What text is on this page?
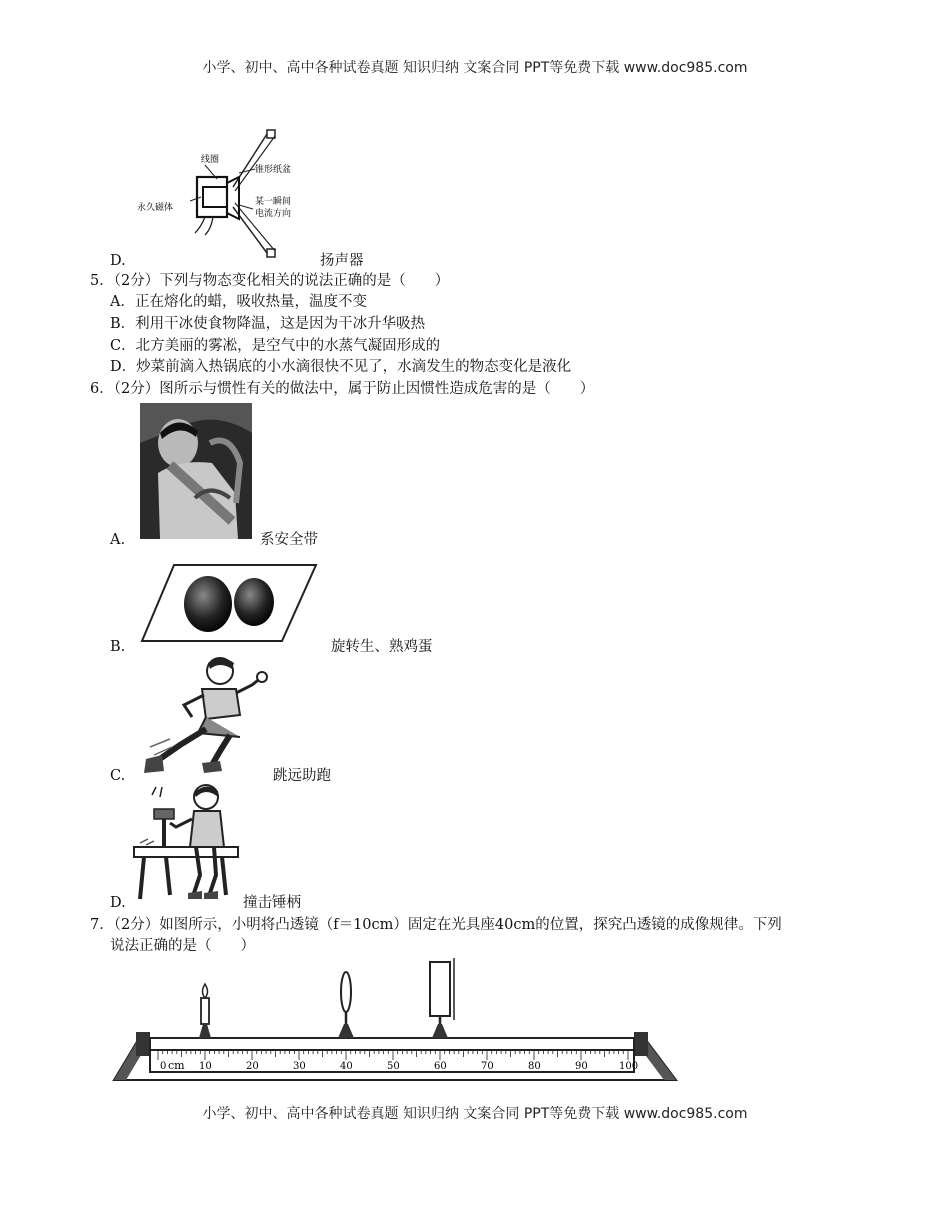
小学、初中、高中各种试卷真题 知识归纳 文案合同 PPT等免费下载 www.doc985.com
线圈
锥形纸盆
永久磁体
某一瞬间
电流方向
D.	扬声器
5．（2分）下列与物态变化相关的说法正确的是（　　）
A．正在熔化的蜡，吸收热量，温度不变
B．利用干冰使食物降温，这是因为干冰升华吸热
C．北方美丽的雾凇，是空气中的水蒸气凝固形成的
D．炒菜前滴入热锅底的小水滴很快不见了，水滴发生的物态变化是液化
6．（2分）图所示与惯性有关的做法中，属于防止因惯性造成危害的是（　　）
A.	系安全带
B.	旋转生、熟鸡蛋
C.	跳远助跑
D.	撞击锤柄
7．（2分）如图所示，小明将凸透镜（f＝10cm）固定在光具座40cm的位置，探究凸透镜的成像规律。下列
说法正确的是（　　）
0	10	20	30	40	50	60	70	80	90	100
cm
小学、初中、高中各种试卷真题 知识归纳 文案合同 PPT等免费下载 www.doc985.com
